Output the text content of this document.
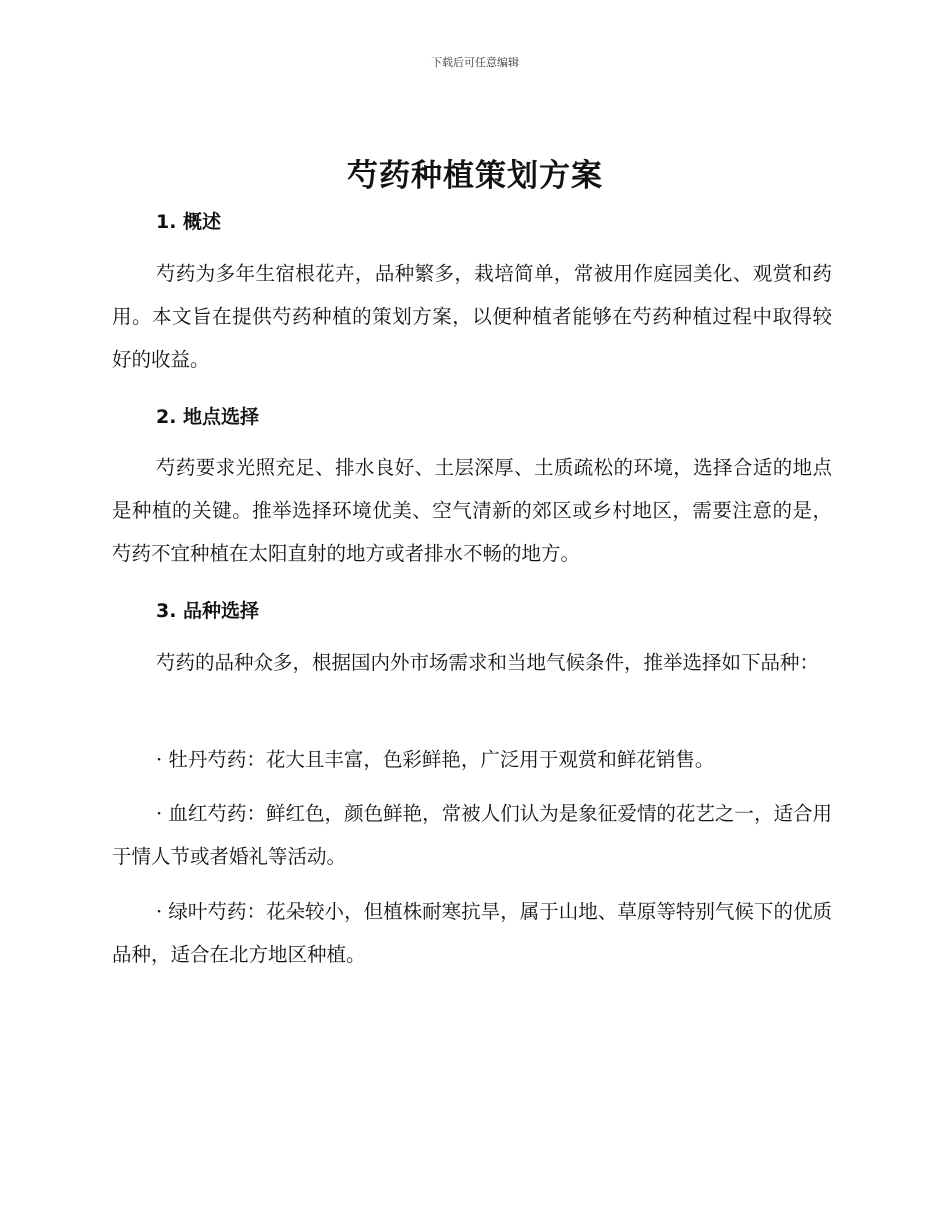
下载后可任意编辑
芍药种植策划方案
1. 概述

芍药为多年生宿根花卉，品种繁多，栽培简单，常被用作庭园美化、观赏和药用。本文旨在提供芍药种植的策划方案，以便种植者能够在芍药种植过程中取得较好的收益。

2. 地点选择

芍药要求光照充足、排水良好、土层深厚、土质疏松的环境，选择合适的地点是种植的关键。推举选择环境优美、空气清新的郊区或乡村地区，需要注意的是，芍药不宜种植在太阳直射的地方或者排水不畅的地方。

3. 品种选择

芍药的品种众多，根据国内外市场需求和当地气候条件，推举选择如下品种：

· 牡丹芍药：花大且丰富，色彩鲜艳，广泛用于观赏和鲜花销售。

· 血红芍药：鲜红色，颜色鲜艳，常被人们认为是象征爱情的花艺之一，适合用于情人节或者婚礼等活动。

· 绿叶芍药：花朵较小，但植株耐寒抗旱，属于山地、草原等特别气候下的优质品种，适合在北方地区种植。
